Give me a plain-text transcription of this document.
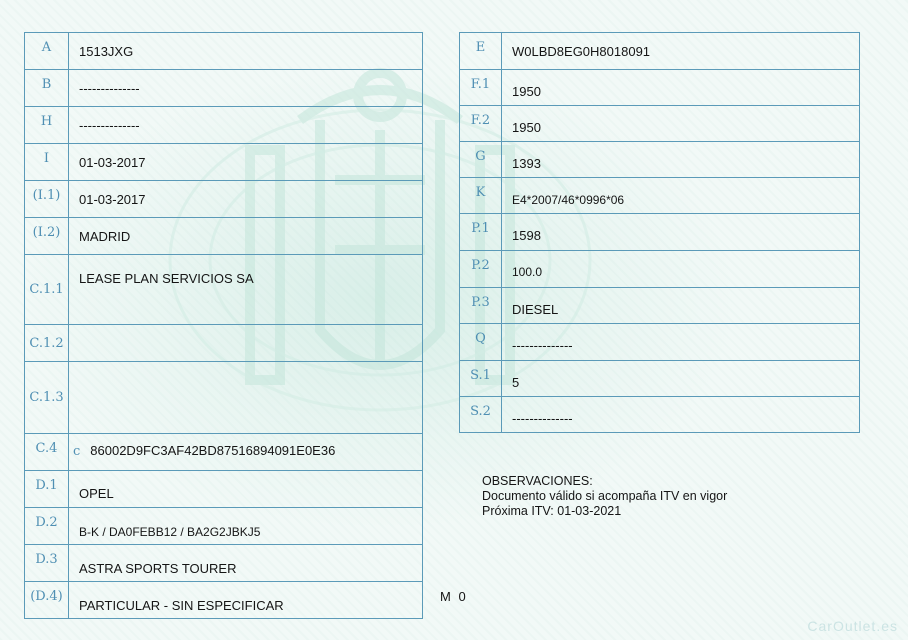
A	1513JXG
B	--------------
H	--------------
I	01-03-2017
(I.1)	01-03-2017
(I.2)	MADRID
C.1.1	LEASE PLAN SERVICIOS SA
C.1.2	
C.1.3	
C.4	c 86002D9FC3AF42BD87516894091E0E36
D.1	OPEL
D.2	B-K / DA0FEBB12 / BA2G2JBKJ5
D.3	ASTRA SPORTS TOURER
(D.4)	PARTICULAR - SIN ESPECIFICAR
E	W0LBD8EG0H8018091
F.1	1950
F.2	1950
G	1393
K	E4*2007/46*0996*06
P.1	1598
P.2	100.0
P.3	DIESEL
Q	--------------
S.1	5
S.2	--------------
OBSERVACIONES:
Documento válido si acompaña ITV en vigor
Próxima ITV: 01-03-2021
M 0
CarOutlet.es
